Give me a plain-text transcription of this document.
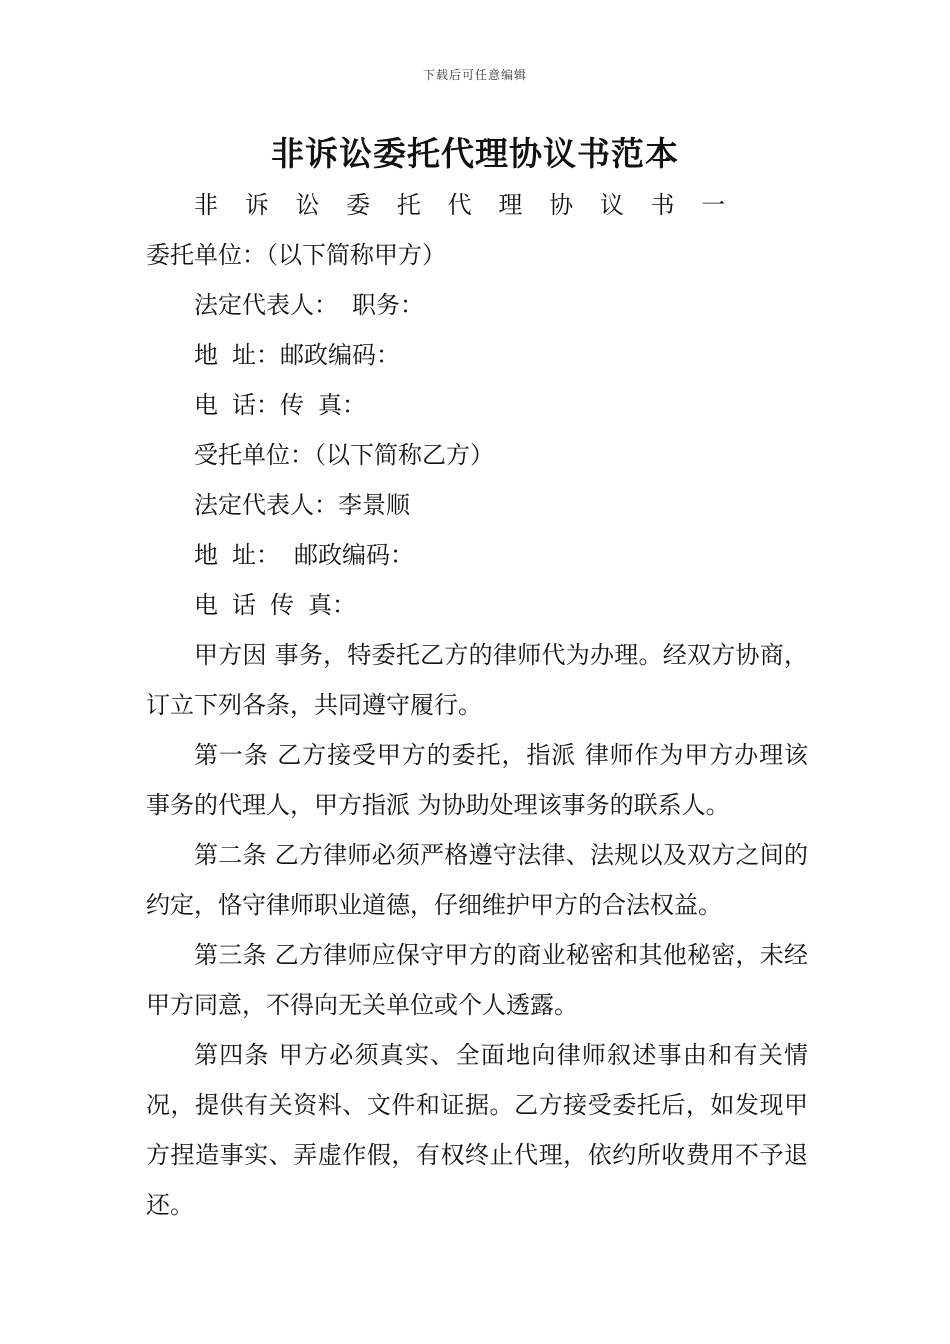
下载后可任意编辑
非诉讼委托代理协议书范本

非诉讼委托代理协议书一委托单位：（以下简称甲方）

法定代表人： 职务：

地 址：邮政编码：

电 话：传 真：

受托单位：（以下简称乙方）

法定代表人：李景顺

地 址： 邮政编码：

电 话 传 真：

甲方因 事务，特委托乙方的律师代为办理。经双方协商，订立下列各条，共同遵守履行。

第一条 乙方接受甲方的委托，指派 律师作为甲方办理该事务的代理人，甲方指派 为协助处理该事务的联系人。

第二条 乙方律师必须严格遵守法律、法规以及双方之间的约定，恪守律师职业道德，仔细维护甲方的合法权益。

第三条 乙方律师应保守甲方的商业秘密和其他秘密，未经甲方同意，不得向无关单位或个人透露。

第四条 甲方必须真实、全面地向律师叙述事由和有关情况，提供有关资料、文件和证据。乙方接受委托后，如发现甲方捏造事实、弄虚作假，有权终止代理，依约所收费用不予退还。
